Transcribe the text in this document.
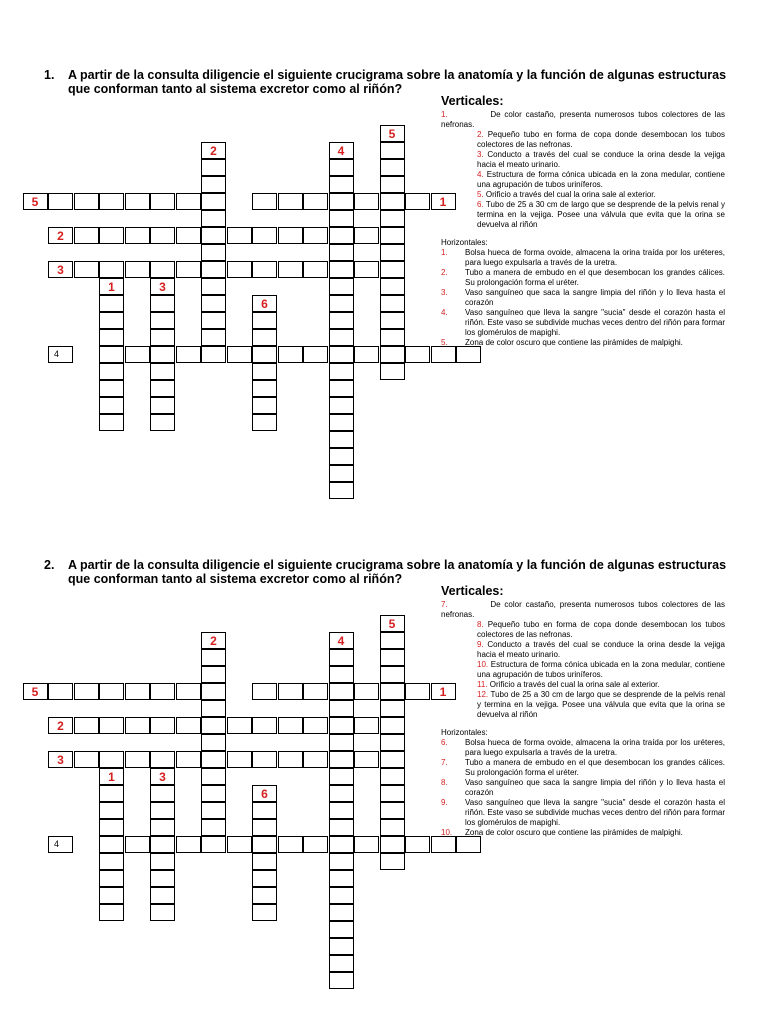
1. A partir de la consulta diligencie el siguiente crucigrama sobre la anatomía y la función de algunas estructuras que conforman tanto al sistema excretor como al riñón?
4
5	1
2
3
2	4
5
1	3
6
Verticales:
1.           De color castaño, presenta numerosos tubos colectores de las nefronas.
2. Pequeño tubo en forma de copa donde desembocan los tubos colectores de las nefronas.
3. Conducto a través del cual se conduce la orina desde la vejiga hacia el meato urinario.
4. Estructura de forma cónica ubicada en la zona medular, contiene una agrupación de tubos uriníferos.
5. Orificio a través del cual la orina sale al exterior.
6. Tubo de 25 a 30 cm de largo que se desprende de la pelvis renal y termina en la vejiga. Posee una válvula que evita que la orina se devuelva al riñón
Horizontales:
1.	Bolsa hueca de forma ovoide, almacena la orina traída por los uréteres, para luego expulsarla a través de la uretra.
2.	Tubo a manera de embudo en el que desembocan los grandes cálices. Su prolongación forma el uréter.
3.	Vaso sanguíneo que saca la sangre limpia del riñón y lo lleva hasta el corazón
4.	Vaso sanguíneo que lleva la sangre "sucia" desde el corazón hasta el riñón. Este vaso se subdivide muchas veces dentro del riñón para formar los glomérulos de mapighi.
5.	Zona de color oscuro que contiene las pirámides de malpighi.
2. A partir de la consulta diligencie el siguiente crucigrama sobre la anatomía y la función de algunas estructuras que conforman tanto al sistema excretor como al riñón?
4
5	1
2
3
2	4
5
1	3
6
Verticales:
7.           De color castaño, presenta numerosos tubos colectores de las nefronas.
8. Pequeño tubo en forma de copa donde desembocan los tubos colectores de las nefronas.
9. Conducto a través del cual se conduce la orina desde la vejiga hacia el meato urinario.
10. Estructura de forma cónica ubicada en la zona medular, contiene una agrupación de tubos uriníferos.
11. Orificio a través del cual la orina sale al exterior.
12. Tubo de 25 a 30 cm de largo que se desprende de la pelvis renal y termina en la vejiga. Posee una válvula que evita que la orina se devuelva al riñón
Horizontales:
6.	Bolsa hueca de forma ovoide, almacena la orina traída por los uréteres, para luego expulsarla a través de la uretra.
7.	Tubo a manera de embudo en el que desembocan los grandes cálices. Su prolongación forma el uréter.
8.	Vaso sanguíneo que saca la sangre limpia del riñón y lo lleva hasta el corazón
9.	Vaso sanguíneo que lleva la sangre "sucia" desde el corazón hasta el riñón. Este vaso se subdivide muchas veces dentro del riñón para formar los glomérulos de mapighi.
10.	Zona de color oscuro que contiene las pirámides de malpighi.
